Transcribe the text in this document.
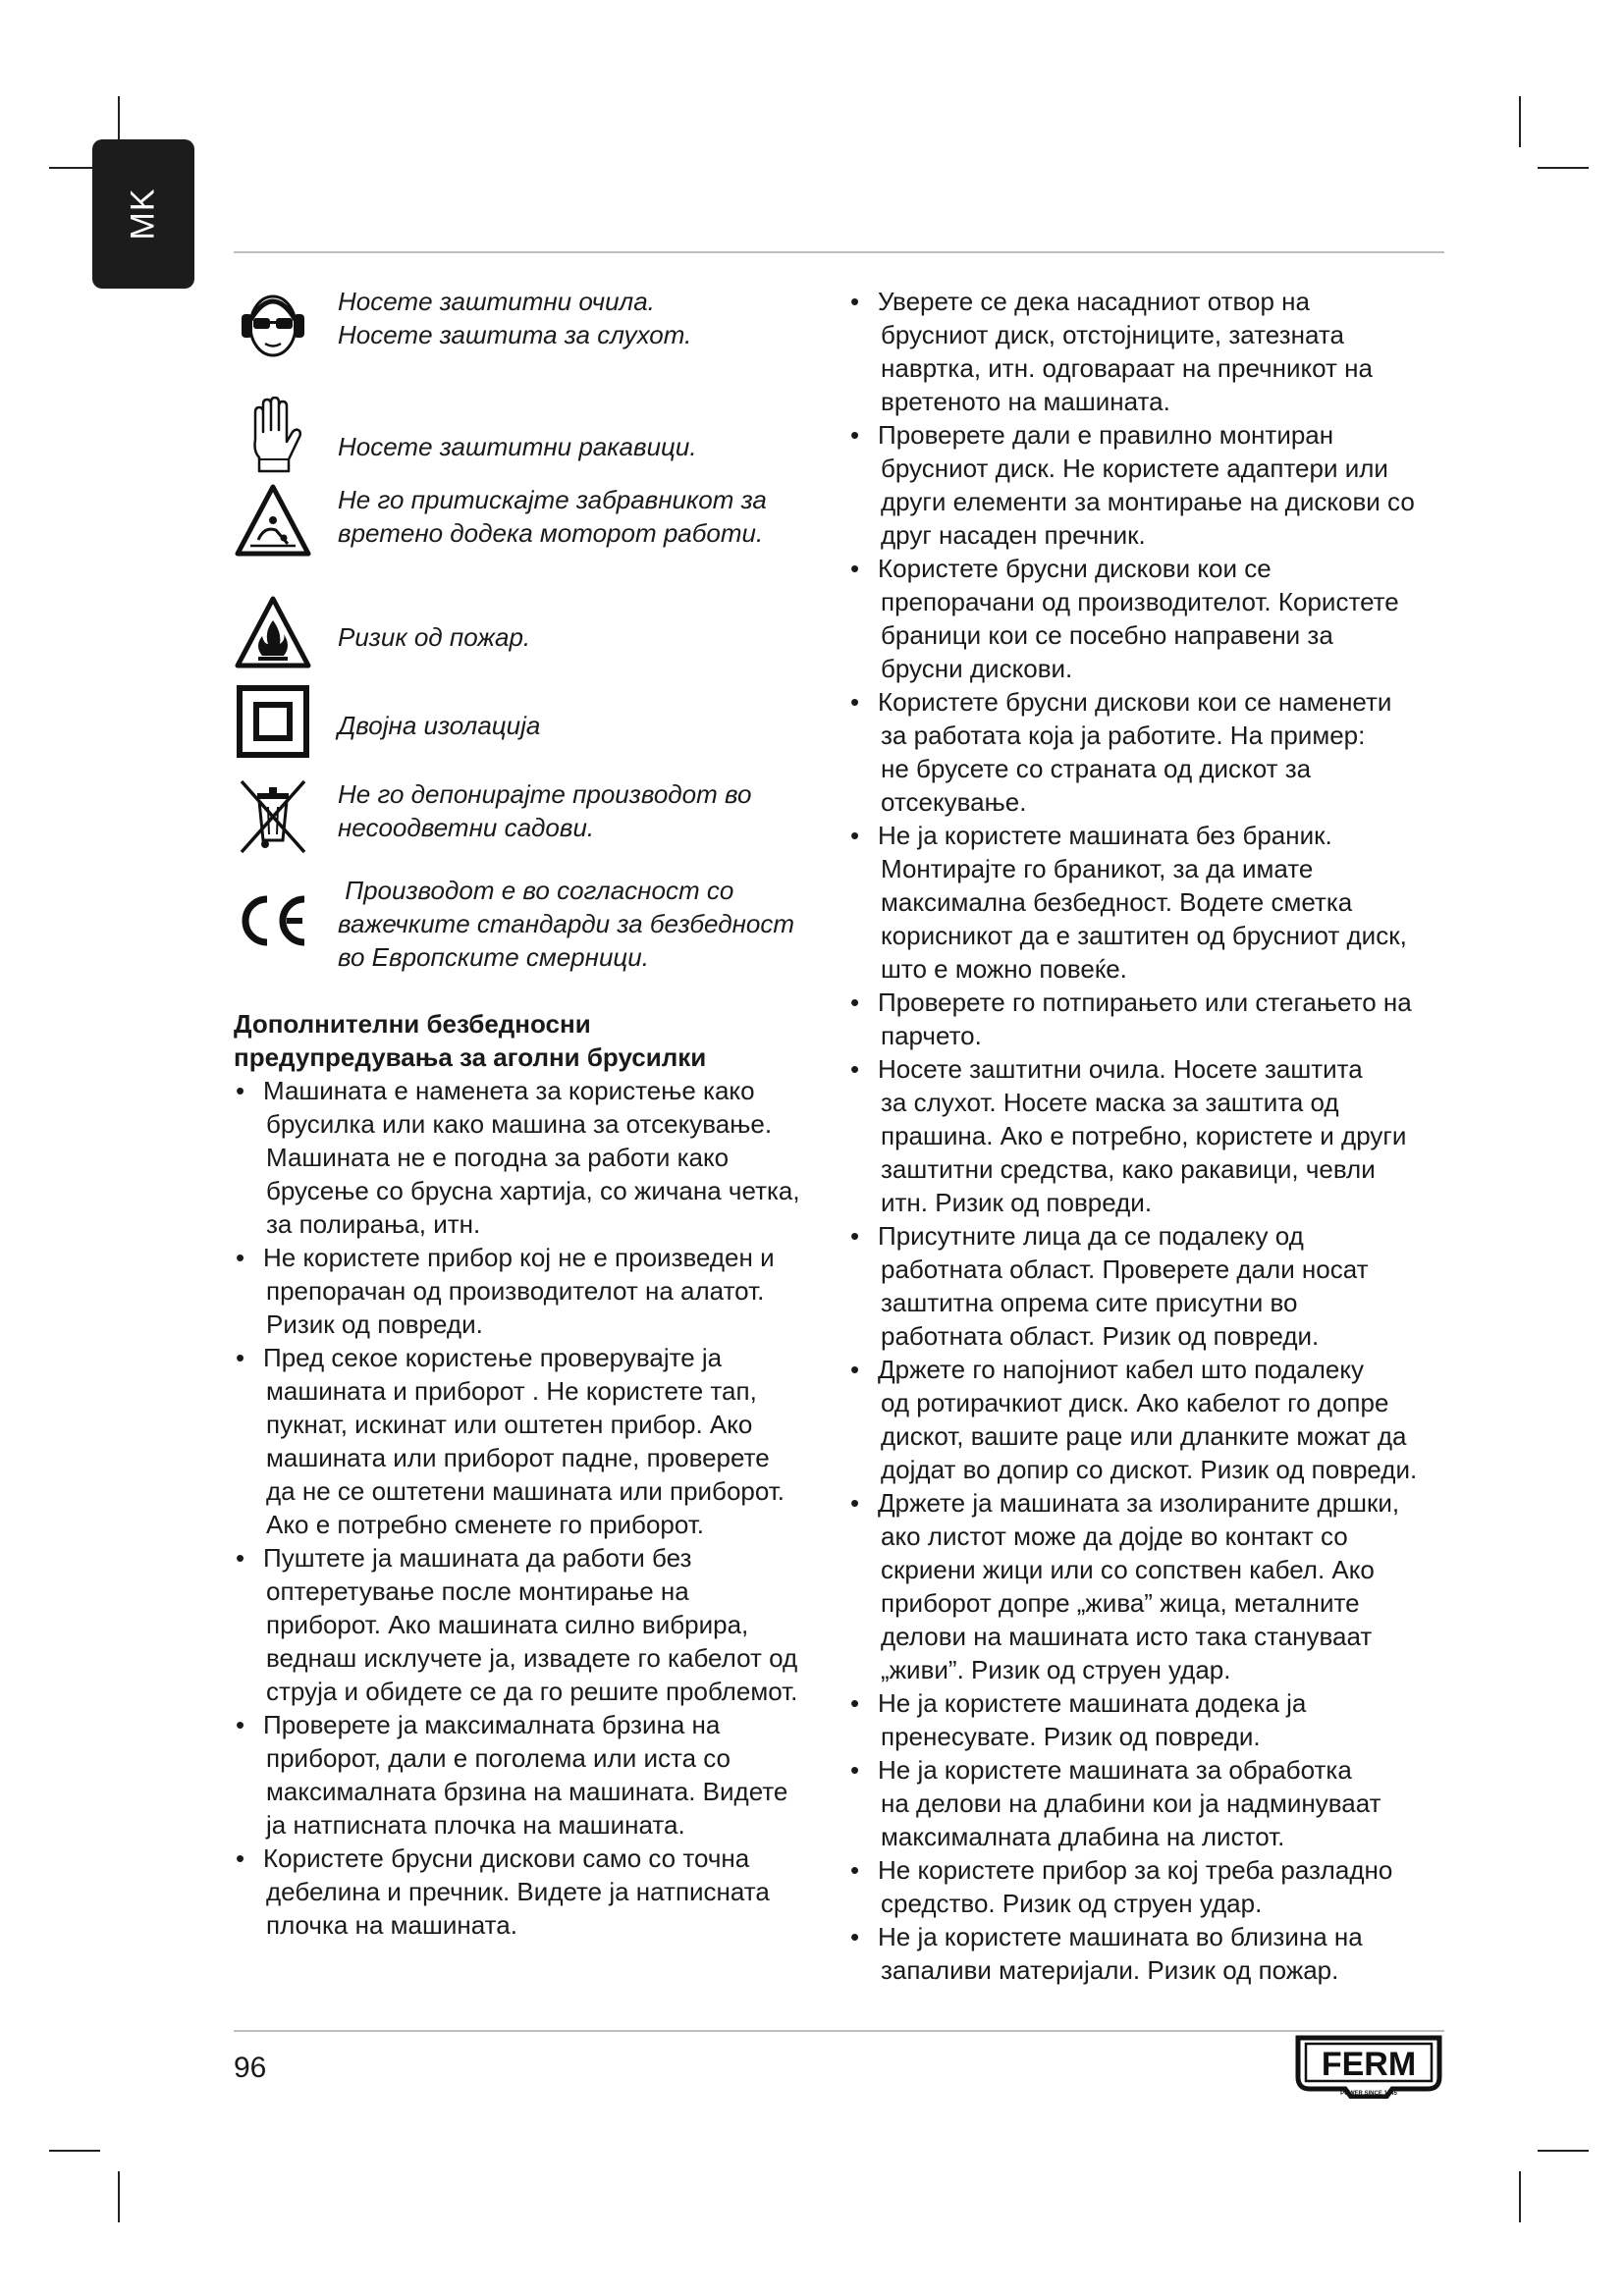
MK
Носете заштитни очила.
Носете заштита за слухот.
Носете заштитни ракавици.
Не го притискајте забравникот за
вретено додека моторот работи.
Ризик од пожар.
Двојна изолација
Не го депонирајте производот во
несоодветни садови.
Производот е во согласност со
важечките стандарди за безбедност
во Европските смерници.
Дополнителни безбедносни
предупредувања за аголни брусилки
• Машината е наменета за користење како
брусилка или како машина за отсекување.
Машината не е погодна за работи како
брусење со брусна хартија, со жичана четка,
за полирања, итн.
• Не користете прибор кој не е произведен и
препорачан од производителот на алатот.
Ризик од повреди.
• Пред секое користење проверувајте ја
машината и приборот . Не користете тап,
пукнат, искинат или оштетен прибор. Ако
машината или приборот падне, проверете
да не се оштетени машината или приборот.
Ако е потребно сменете го приборот.
• Пуштете ја машината да работи без
оптеретување после монтирање на
приборот. Ако машината силно вибрира,
веднаш исклучете ја, извадете го кабелот од
струја и обидете се да го решите проблемот.
• Проверете ја максималната брзина на
приборот, дали е поголема или иста со
максималната брзина на машината. Видете
ја натписната плочка на машината.
• Користете брусни дискови само со точна
дебелина и пречник. Видете ја натписната
плочка на машината.
• Уверете се дека насадниот отвор на
брусниот диск, отстојниците, затезната
навртка, итн. одговараат на пречникот на
вретеното на машината.
• Проверете дали е правилно монтиран
брусниот диск. Не користете адаптери или
други елементи за монтирање на дискови со
друг насаден пречник.
• Користете брусни дискови кои се
препорачани од производителот. Користете
браници кои се посебно направени за
брусни дискови.
• Користете брусни дискови кои се наменети
за работата која ја работите. На пример:
не брусете со страната од дискот за
отсекување.
• Не ја користете машината без браник.
Монтирајте го браникот, за да имате
максимална безбедност. Водете сметка
корисникот да е заштитен од брусниот диск,
што е можно повеќе.
• Проверете го потпирањето или стегањето на
парчето.
• Носете заштитни очила. Носете заштита
за слухот. Носете маска за заштита од
прашина. Ако е потребно, користете и други
заштитни средства, како ракавици, чевли
итн. Ризик од повреди.
• Присутните лица да се подалеку од
работната област. Проверете дали носат
заштитна опрема сите присутни во
работната област. Ризик од повреди.
• Држете го напојниот кабел што подалеку
од ротирачкиот диск. Ако кабелот го допре
дискот, вашите раце или дланките можат да
дојдат во допир со дискот. Ризик од повреди.
• Држете ја машината за изолираните дршки,
ако листот може да дојде во контакт со
скриени жици или со сопствен кабел. Ако
приборот допре „жива” жица, металните
делови на машината исто така стануваат
„живи”. Ризик од струен удар.
• Не ја користете машината додека ја
пренесувате. Ризик од повреди.
• Не ја користете машината за обработка
на делови на длабини кои ја надминуваат
максималната длабина на листот.
• Не користете прибор за кој треба разладно
средство. Ризик од струен удар.
• Не ја користете машината во близина на
запаливи материјали. Ризик од пожар.
96	FERM
POWER SINCE 1945
